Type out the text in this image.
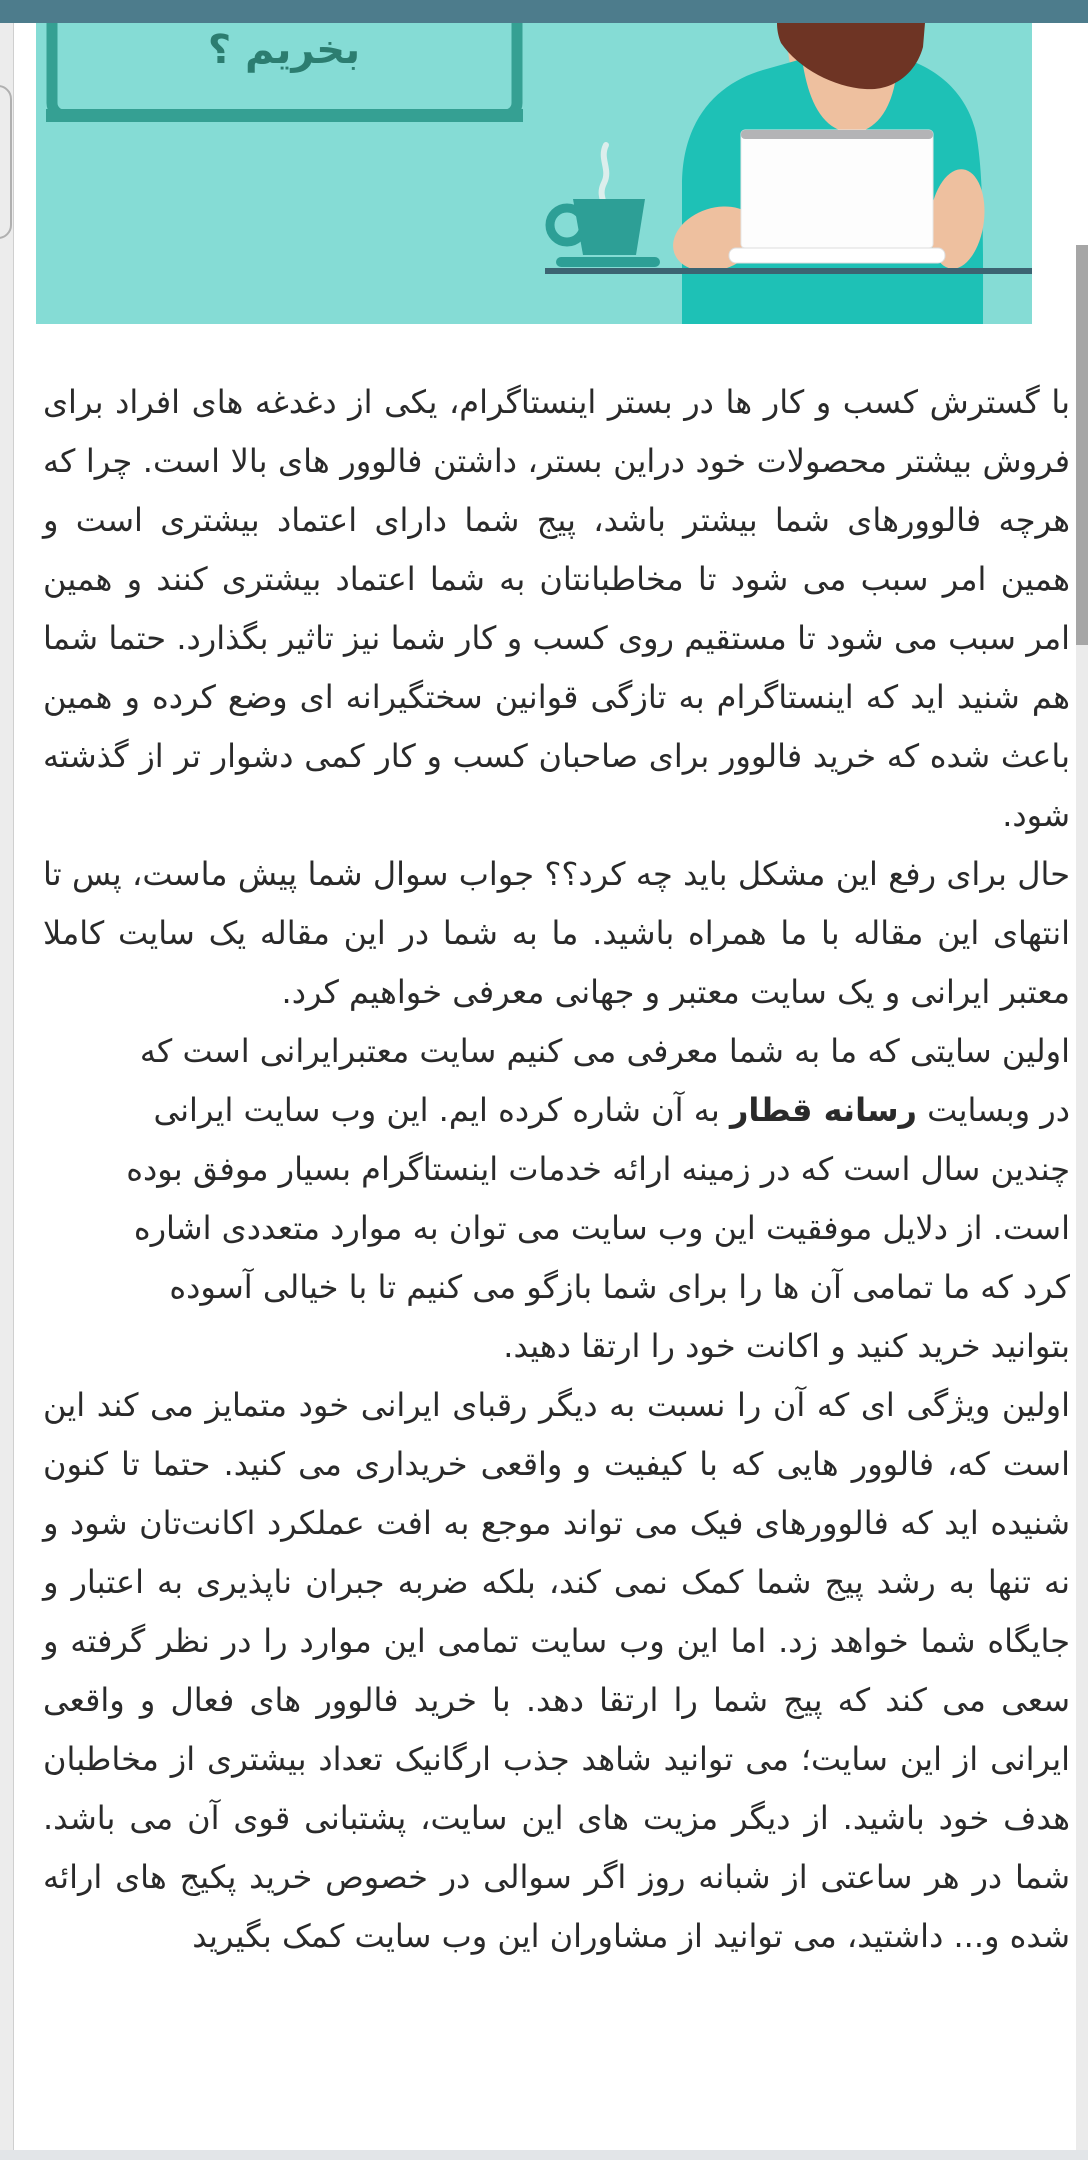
بخریم ؟

با گسترش کسب و کار ها در بستر اینستاگرام، یکی از دغدغه های افراد برای فروش بیشتر محصولات خود دراین بستر، داشتن فالوور های بالا است. چرا که هرچه فالوورهای شما بیشتر باشد، پیج شما دارای اعتماد بیشتری است و همین امر سبب می شود تا مخاطبانتان به شما اعتماد بیشتری کنند و همین امر سبب می شود تا مستقیم روی کسب و کار شما نیز تاثیر بگذارد. حتما شما هم شنید اید که اینستاگرام به تازگی قوانین سختگیرانه ای وضع کرده و همین باعث شده که خرید فالوور برای صاحبان کسب و کار کمی دشوار تر از گذشته شود.

حال برای رفع این مشکل باید چه کرد؟؟ جواب سوال شما پیش ماست، پس تا انتهای این مقاله با ما همراه باشید. ما به شما در این مقاله یک سایت کاملا معتبر ایرانی و یک سایت معتبر و جهانی معرفی خواهیم کرد.

اولین سایتی که ما به شما معرفی می کنیم سایت معتبرایرانی است که در وبسایت رسانه قطار به آن شاره کرده ایم. این وب سایت ایرانی چندین سال است که در زمینه ارائه خدمات اینستاگرام بسیار موفق بوده است. از دلایل موفقیت این وب سایت می توان به موارد متعددی اشاره کرد که ما تمامی آن ها را برای شما بازگو می کنیم تا با خیالی آسوده بتوانید خرید کنید و اکانت خود را ارتقا دهید.

اولین ویژگی ای که آن را نسبت به دیگر رقبای ایرانی خود متمایز می کند این است که، فالوور هایی که با کیفیت و واقعی خریداری می کنید. حتما تا کنون شنیده اید که فالوورهای فیک می تواند موجع به افت عملکرد اکانت‌تان شود و نه تنها به رشد پیج شما کمک نمی کند، بلکه ضربه جبران ناپذیری به اعتبار و جایگاه شما خواهد زد. اما این وب سایت تمامی این موارد را در نظر گرفته و سعی می کند که پیج شما را ارتقا دهد. با خرید فالوور های فعال و واقعی ایرانی از این سایت؛ می توانید شاهد جذب ارگانیک تعداد بیشتری از مخاطبان هدف خود باشید. از دیگر مزیت های این سایت، پشتبانی قوی آن می باشد. شما در هر ساعتی از شبانه روز اگر سوالی در خصوص خرید پکیج های ارائه شده و... داشتید، می توانید از مشاوران این وب سایت کمک بگیرید
